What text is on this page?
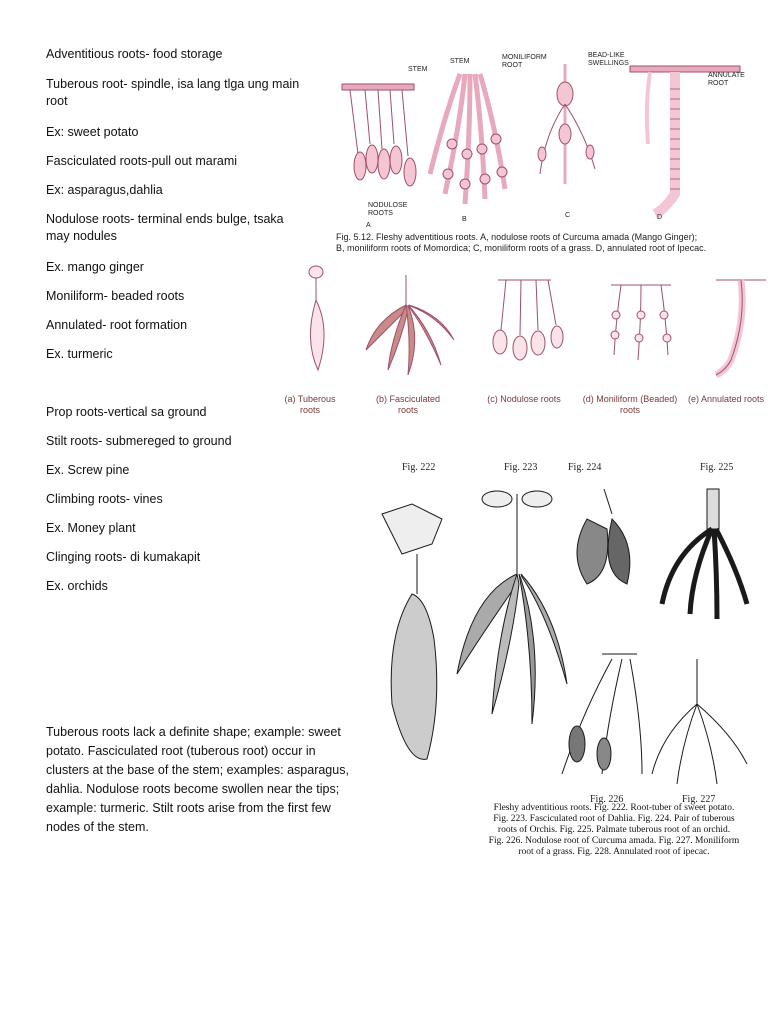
Adventitious roots- food storage
Tuberous root- spindle, isa lang tlga ung main root
Ex: sweet potato
Fasciculated roots-pull out marami
Ex: asparagus,dahlia
Nodulose roots- terminal ends bulge, tsaka may nodules
Ex. mango ginger
Moniliform- beaded roots
Annulated- root formation
Ex. turmeric
Prop roots-vertical sa ground
Stilt roots- submereged to ground
Ex. Screw pine
Climbing roots- vines
Ex. Money plant
Clinging roots- di kumakapit
Ex. orchids
Tuberous roots lack a definite shape; example: sweet potato. Fasciculated root (tuberous root) occur in clusters at the base of the stem; examples: asparagus, dahlia. Nodulose roots become swollen near the tips; example: turmeric. Stilt roots arise from the first few nodes of the stem.
STEM
STEM
MONILIFORM ROOT
BEAD-LIKE SWELLINGS
ANNULATE ROOT
NODULOSE ROOTS
A
B
C	D
Fig. 5.12. Fleshy adventitious roots. A, nodulose roots of Curcuma amada (Mango Ginger);
B, moniliform roots of Momordica; C, moniliform roots of a grass. D, annulated root of Ipecac.
(a) Tuberous roots
(b) Fasciculated roots
(c) Nodulose roots	(d) Moniliform (Beaded) roots
(e) Annulated roots
Fig. 222	Fig. 223	Fig. 224	Fig. 225
Fig. 226	Fig. 227
Fleshy adventitious roots. Fig. 222. Root-tuber of sweet potato.
Fig. 223. Fasciculated root of Dahlia. Fig. 224. Pair of tuberous
roots of Orchis. Fig. 225. Palmate tuberous root of an orchid.
Fig. 226. Nodulose root of Curcuma amada. Fig. 227. Moniliform
root of a grass. Fig. 228. Annulated root of ipecac.
